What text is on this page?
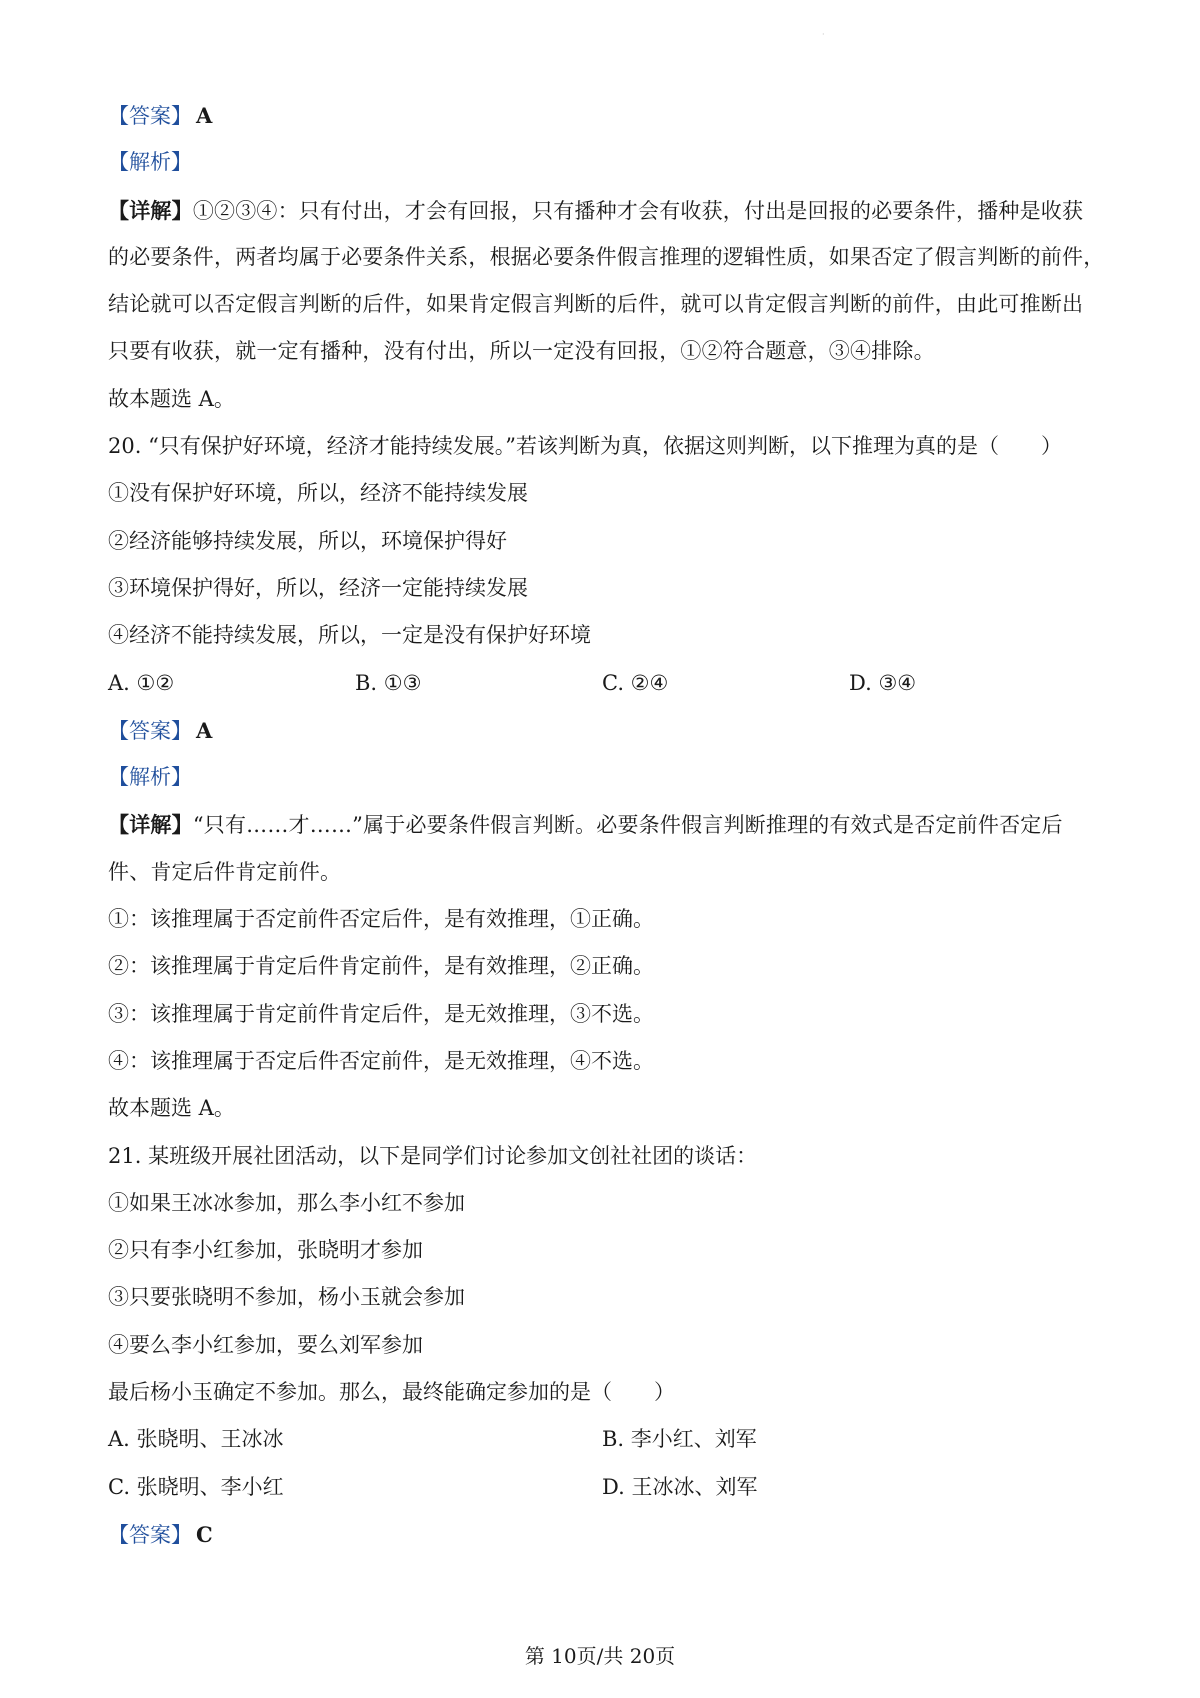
·
【答案】 A
【解析】
【详解】①②③④：只有付出，才会有回报，只有播种才会有收获，付出是回报的必要条件，播种是收获
的必要条件，两者均属于必要条件关系，根据必要条件假言推理的逻辑性质，如果否定了假言判断的前件，
结论就可以否定假言判断的后件，如果肯定假言判断的后件，就可以肯定假言判断的前件，由此可推断出
只要有收获，就一定有播种，没有付出，所以一定没有回报，①②符合题意，③④排除。
故本题选 A。
20. “只有保护好环境，经济才能持续发展。”若该判断为真，依据这则判断，以下推理为真的是（　　）
①没有保护好环境，所以，经济不能持续发展
②经济能够持续发展，所以，环境保护得好
③环境保护得好，所以，经济一定能持续发展
④经济不能持续发展，所以，一定是没有保护好环境
A. ①②	B. ①③	C. ②④	D. ③④
【答案】 A
【解析】
【详解】“只有……才……”属于必要条件假言判断。必要条件假言判断推理的有效式是否定前件否定后
件、肯定后件肯定前件。
①：该推理属于否定前件否定后件，是有效推理，①正确。
②：该推理属于肯定后件肯定前件，是有效推理，②正确。
③：该推理属于肯定前件肯定后件，是无效推理，③不选。
④：该推理属于否定后件否定前件，是无效推理，④不选。
故本题选 A。
21. 某班级开展社团活动，以下是同学们讨论参加文创社社团的谈话：
①如果王冰冰参加，那么李小红不参加
②只有李小红参加，张晓明才参加
③只要张晓明不参加，杨小玉就会参加
④要么李小红参加，要么刘军参加
最后杨小玉确定不参加。那么，最终能确定参加的是（　　）
A. 张晓明、王冰冰	B. 李小红、刘军
C. 张晓明、李小红	D. 王冰冰、刘军
【答案】 C
第 10页/共 20页
